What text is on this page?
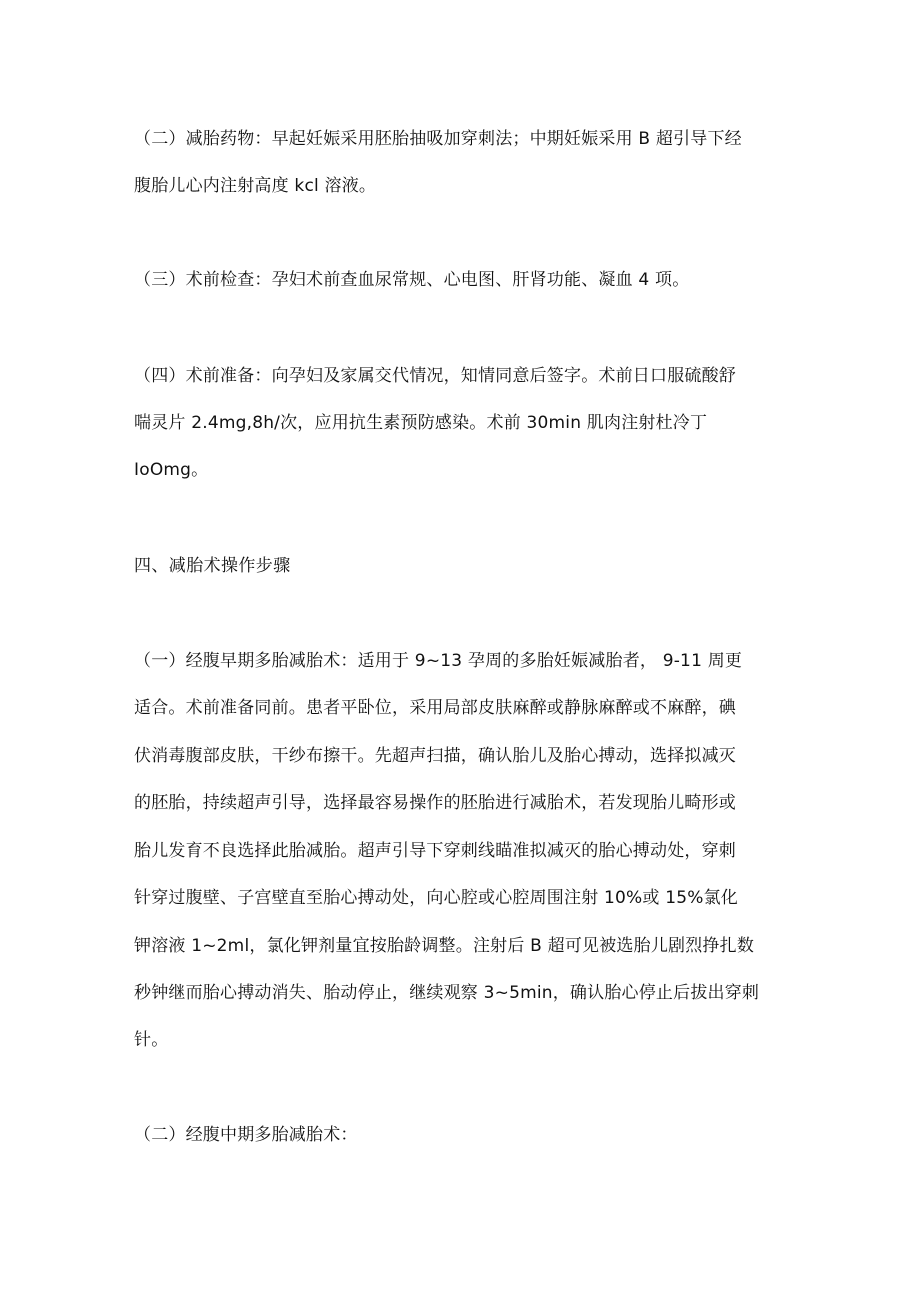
（二）减胎药物：早起妊娠采用胚胎抽吸加穿刺法；中期妊娠采用 B 超引导下经
腹胎儿心内注射高度 kcl 溶液。
（三）术前检查：孕妇术前查血尿常规、心电图、肝肾功能、凝血 4 项。
（四）术前准备：向孕妇及家属交代情况，知情同意后签字。术前日口服硫酸舒
喘灵片 2.4mg,8h/次，应用抗生素预防感染。术前 30min 肌肉注射杜冷丁
IoOmg。
四、减胎术操作步骤
（一）经腹早期多胎减胎术：适用于 9~13 孕周的多胎妊娠减胎者， 9-11 周更
适合。术前准备同前。患者平卧位，采用局部皮肤麻醉或静脉麻醉或不麻醉，碘
伏消毒腹部皮肤，干纱布擦干。先超声扫描，确认胎儿及胎心搏动，选择拟减灭
的胚胎，持续超声引导，选择最容易操作的胚胎进行减胎术，若发现胎儿畸形或
胎儿发育不良选择此胎减胎。超声引导下穿刺线瞄准拟减灭的胎心搏动处，穿刺
针穿过腹壁、子宫壁直至胎心搏动处，向心腔或心腔周围注射 10%或 15%氯化
钾溶液 1~2ml，氯化钾剂量宜按胎龄调整。注射后 B 超可见被选胎儿剧烈挣扎数
秒钟继而胎心搏动消失、胎动停止，继续观察 3~5min，确认胎心停止后拔出穿刺
针。
（二）经腹中期多胎减胎术：
